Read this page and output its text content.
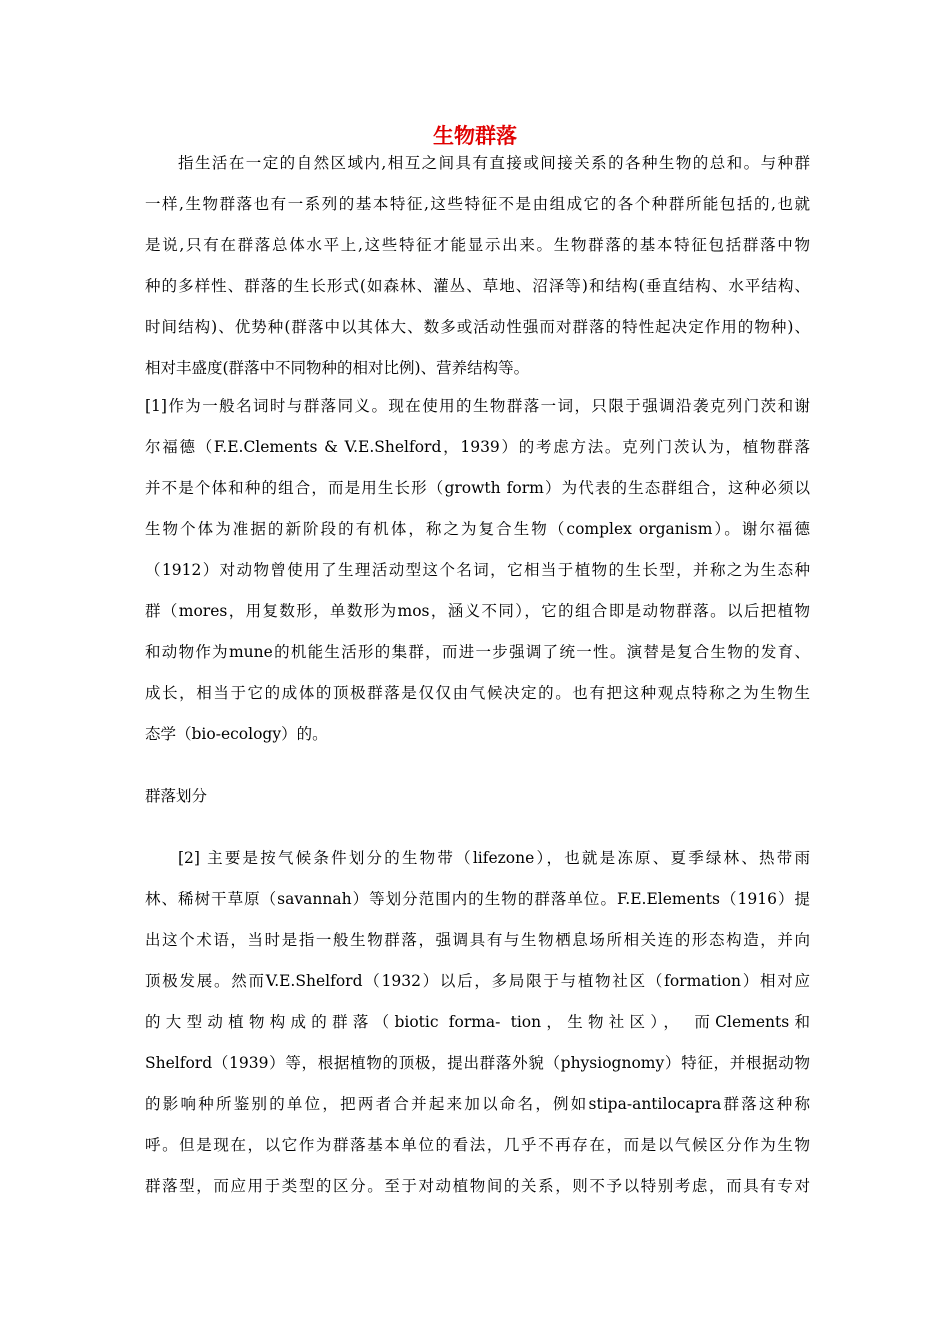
生物群落
指生活在一定的自然区域内,相互之间具有直接或间接关系的各种生物的总和。与种群
一样,生物群落也有一系列的基本特征,这些特征不是由组成它的各个种群所能包括的,也就
是说,只有在群落总体水平上,这些特征才能显示出来。生物群落的基本特征包括群落中物
种的多样性、群落的生长形式(如森林、灌丛、草地、沼泽等)和结构(垂直结构、水平结构、
时间结构)、优势种(群落中以其体大、数多或活动性强而对群落的特性起决定作用的物种)、
相对丰盛度(群落中不同物种的相对比例)、营养结构等。
[1]作为一般名词时与群落同义。现在使用的生物群落一词，只限于强调沿袭克列门茨和谢
尔福德（F.E.Clements & V.E.Shelford，1939）的考虑方法。克列门茨认为，植物群落
并不是个体和种的组合，而是用生长形（growth form）为代表的生态群组合，这种必须以
生物个体为准据的新阶段的有机体，称之为复合生物（complex organism）。谢尔福德
（1912）对动物曾使用了生理活动型这个名词，它相当于植物的生长型，并称之为生态种
群（mores，用复数形，单数形为mos，涵义不同），它的组合即是动物群落。以后把植物
和动物作为mune的机能生活形的集群，而进一步强调了统一性。演替是复合生物的发育、
成长，相当于它的成体的顶极群落是仅仅由气候决定的。也有把这种观点特称之为生物生
态学（bio-ecology）的。
群落划分
[2] 主要是按气候条件划分的生物带（lifezone），也就是冻原、夏季绿林、热带雨
林、稀树干草原（savannah）等划分范围内的生物的群落单位。F.E.Elements（1916）提
出这个术语，当时是指一般生物群落，强调具有与生物栖息场所相关连的形态构造，并向
顶极发展。然而V.E.Shelford（1932）以后，多局限于与植物社区（formation）相对应
的大型动植物构成的群落（biotic forma- tion，生物社区）， 而Clements和
Shelford（1939）等，根据植物的顶极，提出群落外貌（physiognomy）特征，并根据动物
的影响种所鉴别的单位，把两者合并起来加以命名，例如stipa-antilocapra群落这种称
呼。但是现在，以它作为群落基本单位的看法，几乎不再存在，而是以气候区分作为生物
群落型，而应用于类型的区分。至于对动植物间的关系，则不予以特别考虑，而具有专对
